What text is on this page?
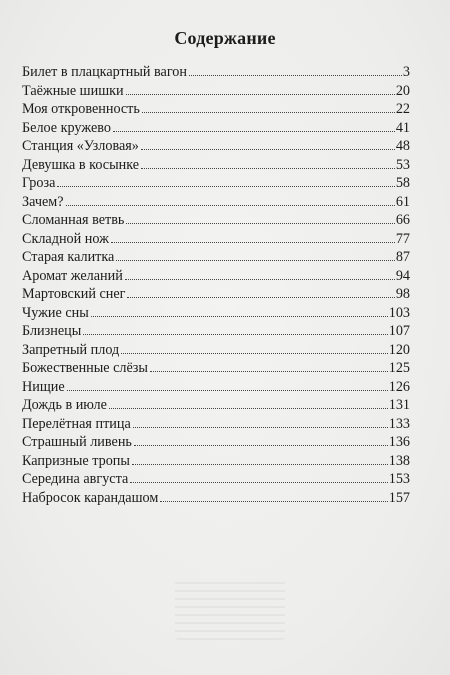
Содержание
Билет в плацкартный вагон	3
Таёжные шишки	20
Моя откровенность	22
Белое кружево	41
Станция «Узловая»	48
Девушка в косынке	53
Гроза	58
Зачем?	61
Сломанная ветвь	66
Складной нож	77
Старая калитка	87
Аромат желаний	94
Мартовский снег	98
Чужие сны	103
Близнецы	107
Запретный плод	120
Божественные слёзы	125
Нищие	126
Дождь в июле	131
Перелётная птица	133
Страшный ливень	136
Капризные тропы	138
Середина августа	153
Набросок карандашом	157
